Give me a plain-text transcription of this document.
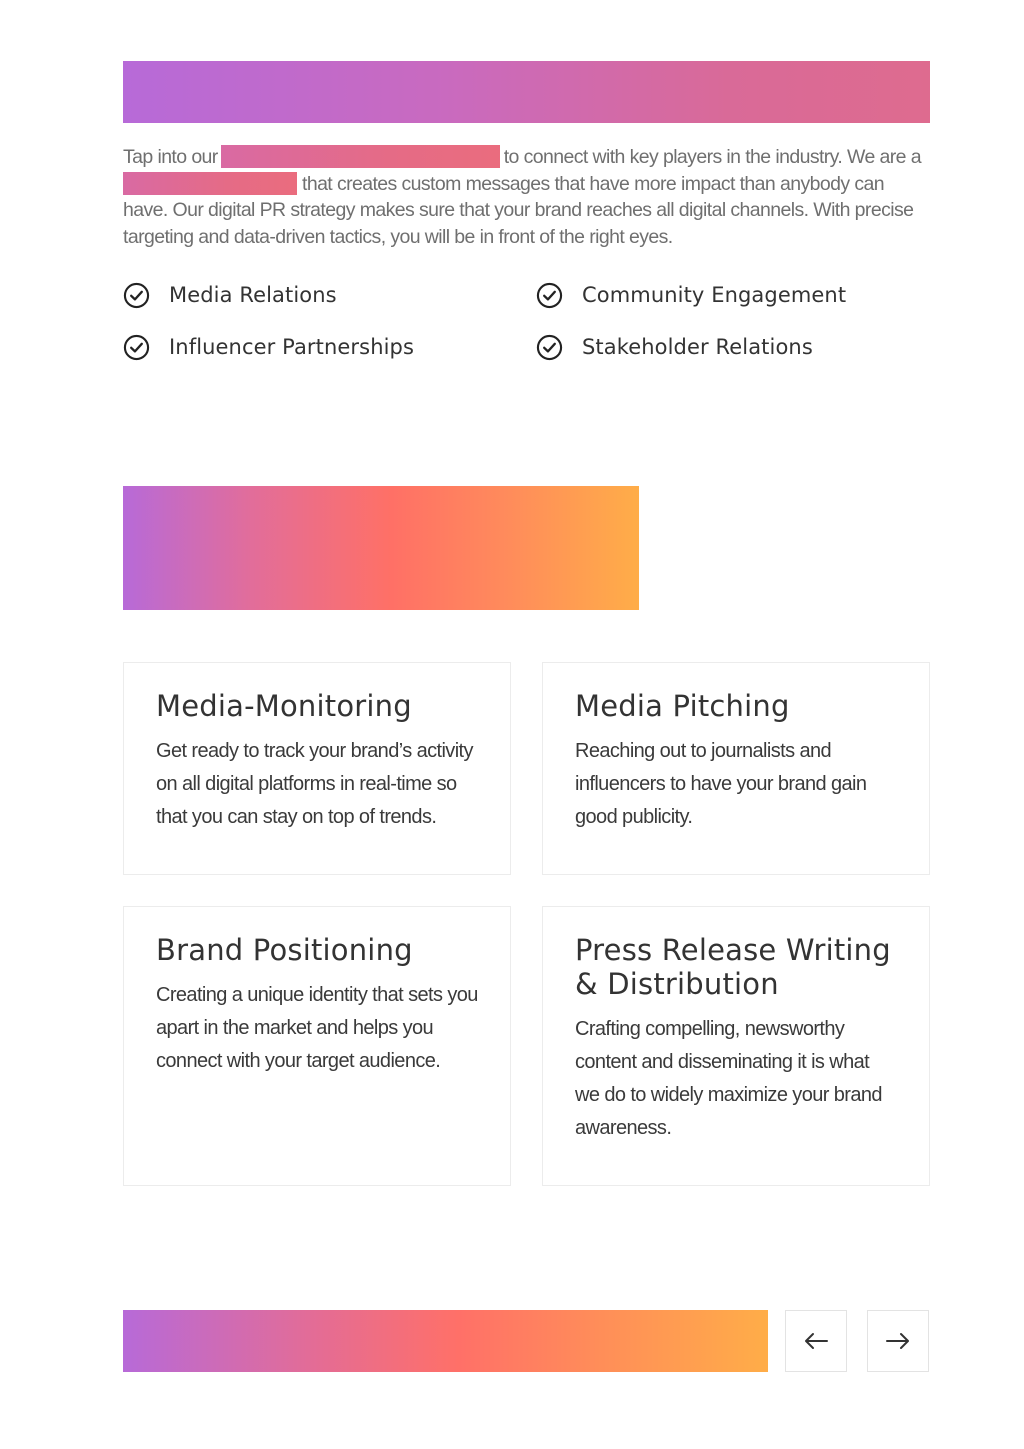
Tap into our	to connect with key players in the industry. We are a
that creates custom messages that have more impact than anybody can have. Our digital PR strategy makes sure that your brand reaches all digital channels. With precise targeting and data-driven tactics, you will be in front of the right eyes.
Media Relations	Community Engagement
Influencer Partnerships	Stakeholder Relations
Media-Monitoring

Get ready to track your brand’s activity on all digital platforms in real-time so that you can stay on top of trends.

Media Pitching

Reaching out to journalists and influencers to have your brand gain good publicity.

Brand Positioning

Creating a unique identity that sets you apart in the market and helps you connect with your target audience.

Press Release Writing & Distribution

Crafting compelling, newsworthy content and disseminating it is what we do to widely maximize your brand awareness.
